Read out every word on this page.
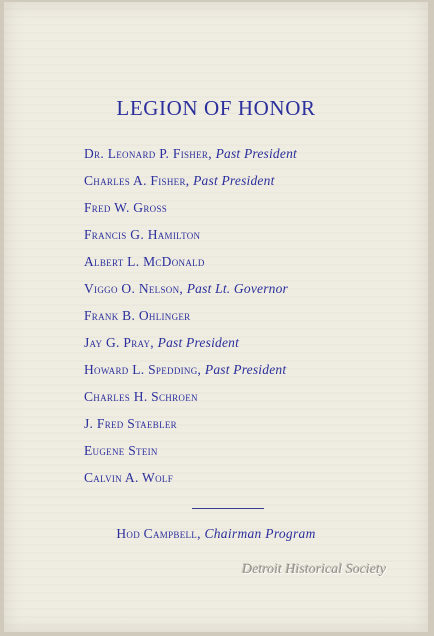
LEGION OF HONOR
Dr. Leonard P. Fisher, Past President
Charles A. Fisher, Past President
Fred W. Gross
Francis G. Hamilton
Albert L. McDonald
Viggo O. Nelson, Past Lt. Governor
Frank B. Ohlinger
Jay G. Pray, Past President
Howard L. Spedding, Past President
Charles H. Schroen
J. Fred Staebler
Eugene Stein
Calvin A. Wolf
Hod Campbell, Chairman Program
Detroit Historical Society
